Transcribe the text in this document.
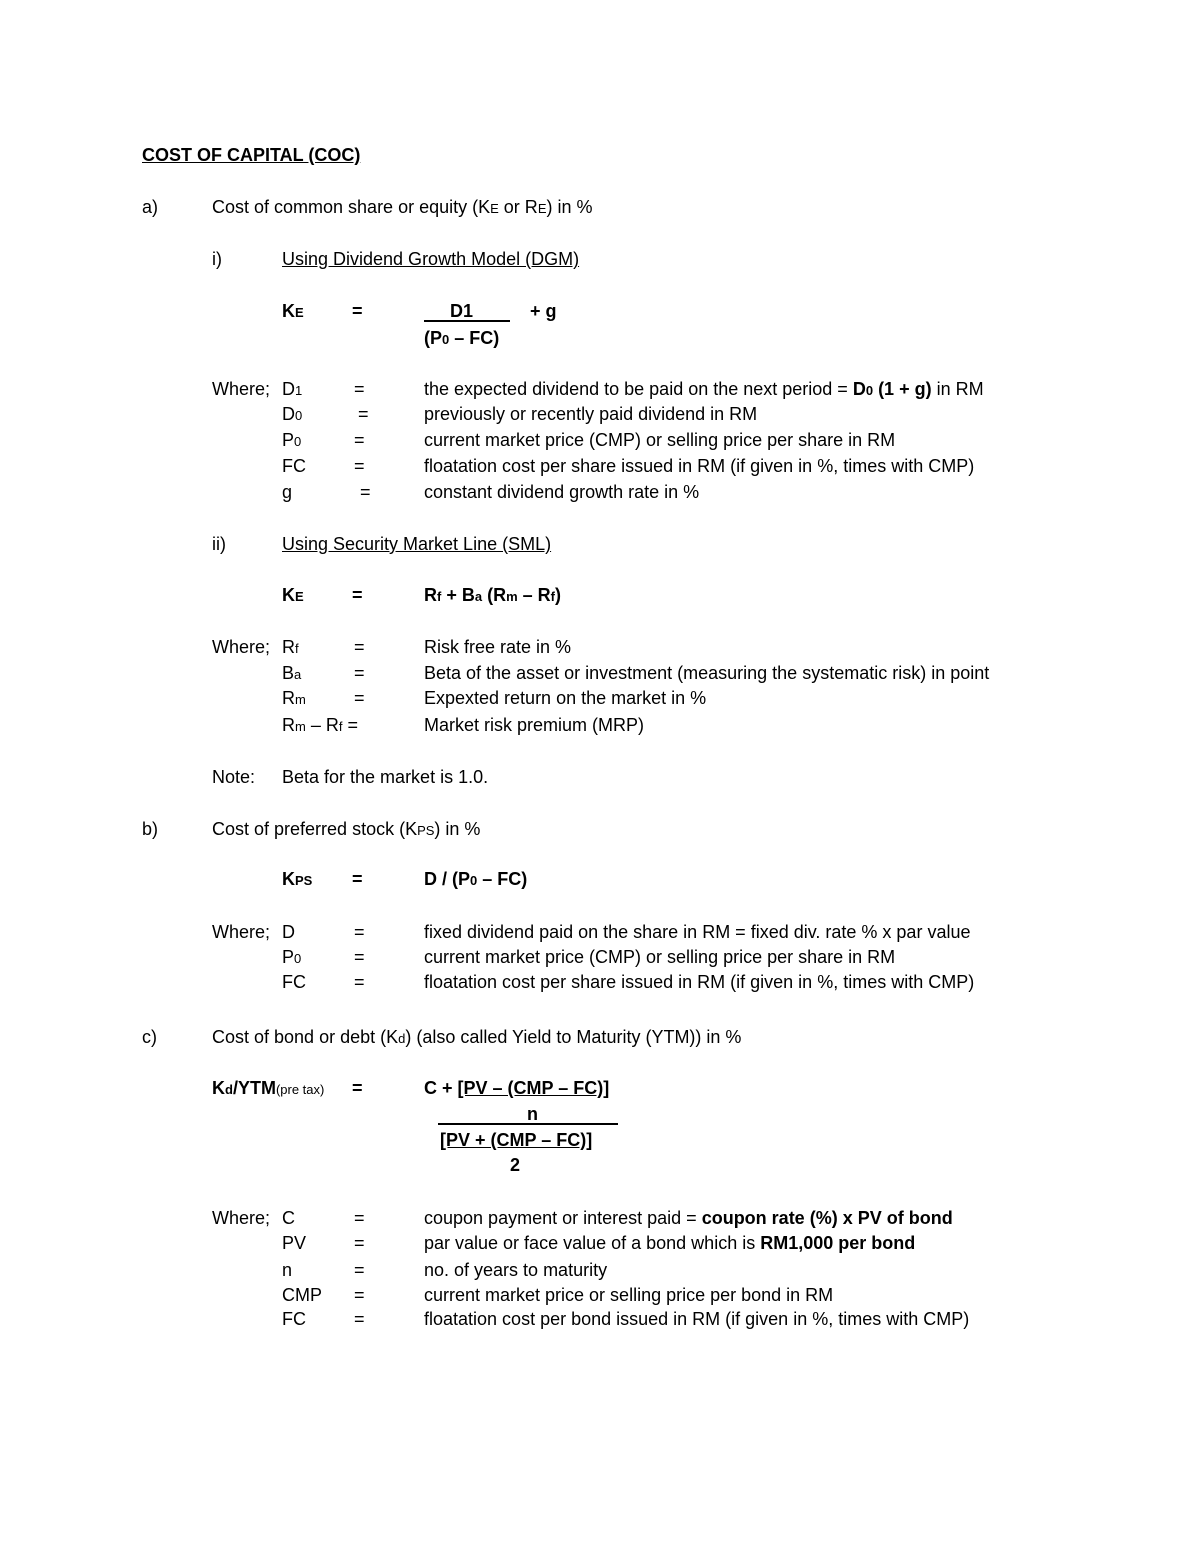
COST OF CAPITAL (COC)
a)	Cost of common share or equity (KE or RE) in %
i)	Using Dividend Growth Model (DGM)
KE	=	D1	+ g
(P0 – FC)
Where; D1	=	the expected dividend to be paid on the next period = D0 (1 + g) in RM
D0	=	previously or recently paid dividend in RM
P0	=	current market price (CMP) or selling price per share in RM
FC	=	floatation cost per share issued in RM (if given in %, times with CMP)
g	=	constant dividend growth rate in %
ii)	Using Security Market Line (SML)
KE	=	Rf + Ba (Rm – Rf)
Where; Rf	=	Risk free rate in %
Ba	=	Beta of the asset or investment (measuring the systematic risk) in point
Rm	=	Expexted return on the market in %
Rm – Rf =	Market risk premium (MRP)
Note: Beta for the market is 1.0.
b)	Cost of preferred stock (KPS) in %
KPS =	D / (P0 – FC)
Where; D	=	fixed dividend paid on the share in RM = fixed div. rate % x par value
P0	=	current market price (CMP) or selling price per share in RM
FC	=	floatation cost per share issued in RM (if given in %, times with CMP)
c)	Cost of bond or debt (Kd) (also called Yield to Maturity (YTM)) in %
Kd/YTM(pre tax) =	C + [PV – (CMP – FC)]
n
[PV + (CMP – FC)]
2
Where; C	=	coupon payment or interest paid = coupon rate (%) x PV of bond
PV	=	par value or face value of a bond which is RM1,000 per bond
n	=	no. of years to maturity
CMP =	current market price or selling price per bond in RM
FC	=	floatation cost per bond issued in RM (if given in %, times with CMP)
